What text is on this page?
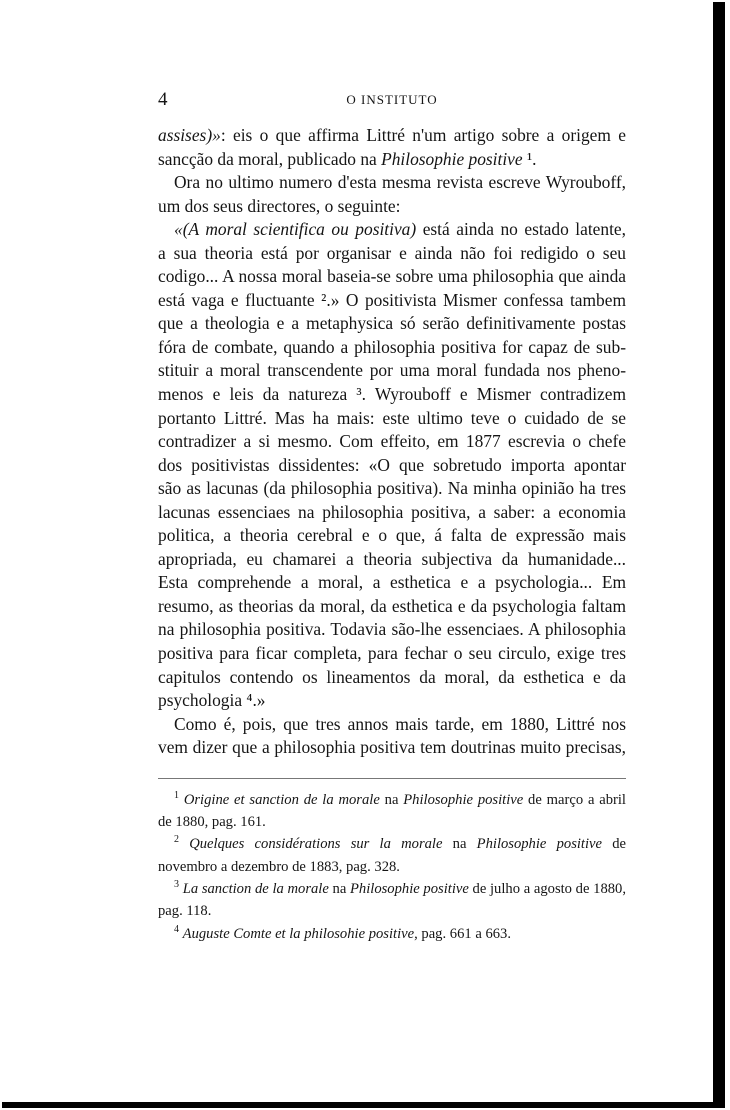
4	O INSTITUTO

assises)»: eis o que affirma Littré n'um artigo sobre a origem e
sancção da moral, publicado na Philosophie positive ¹.

Ora no ultimo numero d'esta mesma revista escreve Wyrouboff,
um dos seus directores, o seguinte:

«(A moral scientifica ou positiva) está ainda no estado latente,
a sua theoria está por organisar e ainda não foi redigido o seu
codigo... A nossa moral baseia-se sobre uma philosophia que ainda
está vaga e fluctuante ².» O positivista Mismer confessa tambem
que a theologia e a metaphysica só serão definitivamente postas
fóra de combate, quando a philosophia positiva for capaz de sub-
stituir a moral transcendente por uma moral fundada nos pheno-
menos e leis da natureza ³. Wyrouboff e Mismer contradizem
portanto Littré. Mas ha mais: este ultimo teve o cuidado de se
contradizer a si mesmo. Com effeito, em 1877 escrevia o chefe
dos positivistas dissidentes: «O que sobretudo importa apontar
são as lacunas (da philosophia positiva). Na minha opinião ha tres
lacunas essenciaes na philosophia positiva, a saber: a economia
politica, a theoria cerebral e o que, á falta de expressão mais
apropriada, eu chamarei a theoria subjectiva da humanidade...
Esta comprehende a moral, a esthetica e a psychologia... Em
resumo, as theorias da moral, da esthetica e da psychologia faltam
na philosophia positiva. Todavia são-lhe essenciaes. A philosophia
positiva para ficar completa, para fechar o seu circulo, exige tres
capitulos contendo os lineamentos da moral, da esthetica e da
psychologia ⁴.»

Como é, pois, que tres annos mais tarde, em 1880, Littré nos
vem dizer que a philosophia positiva tem doutrinas muito precisas,

$^1$ Origine et sanction de la morale na Philosophie positive de março a abril de 1880, pag. 161.

$^2$ Quelques considérations sur la morale na Philosophie positive de novembro a dezembro de 1883, pag. 328.

$^3$ La sanction de la morale na Philosophie positive de julho a agosto de 1880, pag. 118.

$^4$ Auguste Comte et la philosohie positive, pag. 661 a 663.
